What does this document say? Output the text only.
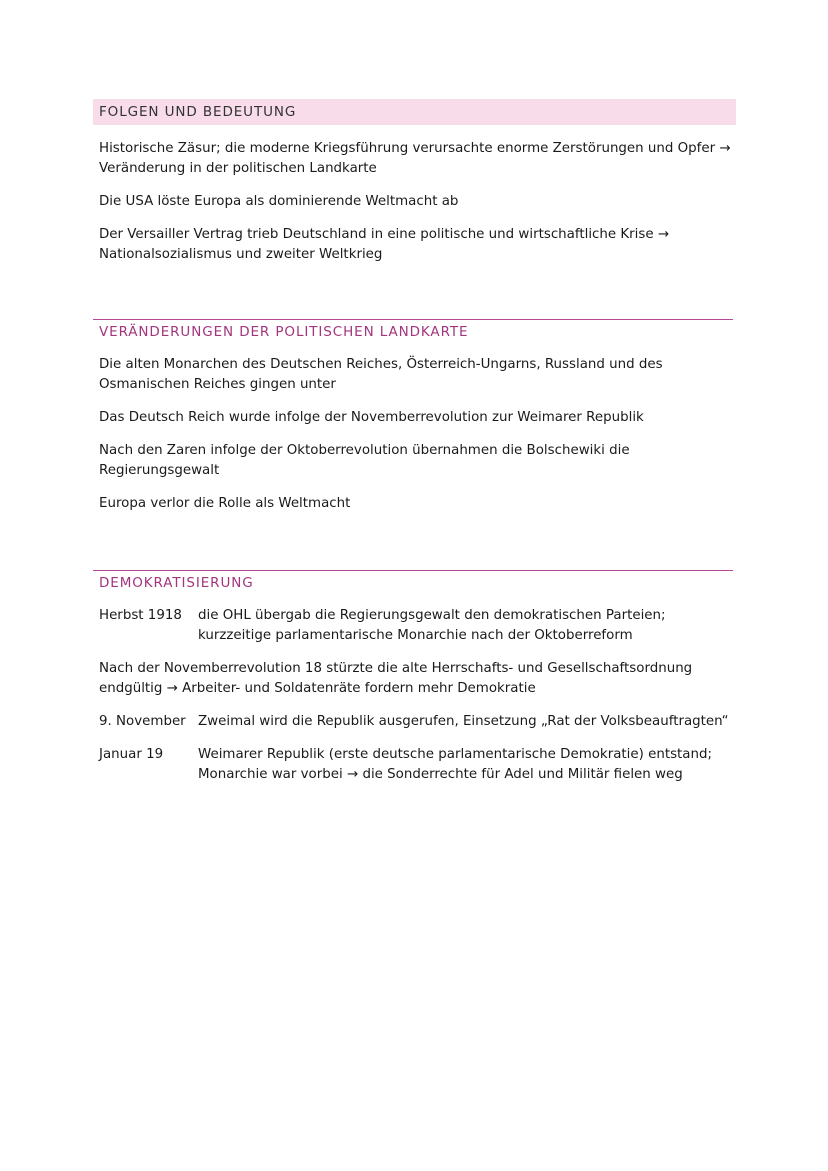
FOLGEN UND BEDEUTUNG

Historische Zäsur; die moderne Kriegsführung verursachte enorme Zerstörungen und Opfer → Veränderung in der politischen Landkarte

Die USA löste Europa als dominierende Weltmacht ab

Der Versailler Vertrag trieb Deutschland in eine politische und wirtschaftliche Krise → Nationalsozialismus und zweiter Weltkrieg

VERÄNDERUNGEN DER POLITISCHEN LANDKARTE

Die alten Monarchen des Deutschen Reiches, Österreich-Ungarns, Russland und des Osmanischen Reiches gingen unter

Das Deutsch Reich wurde infolge der Novemberrevolution zur Weimarer Republik

Nach den Zaren infolge der Oktoberrevolution übernahmen die Bolschewiki die Regierungsgewalt

Europa verlor die Rolle als Weltmacht

DEMOKRATISIERUNG
Herbst 1918	die OHL übergab die Regierungsgewalt den demokratischen Parteien; kurzzeitige parlamentarische Monarchie nach der Oktoberreform

Nach der Novemberrevolution 18 stürzte die alte Herrschafts- und Gesellschaftsordnung endgültig → Arbeiter- und Soldatenräte fordern mehr Demokratie

9. November Zweimal wird die Republik ausgerufen, Einsetzung „Rat der Volksbeauftragten“
Januar 19	Weimarer Republik (erste deutsche parlamentarische Demokratie) entstand; Monarchie war vorbei → die Sonderrechte für Adel und Militär fielen weg
